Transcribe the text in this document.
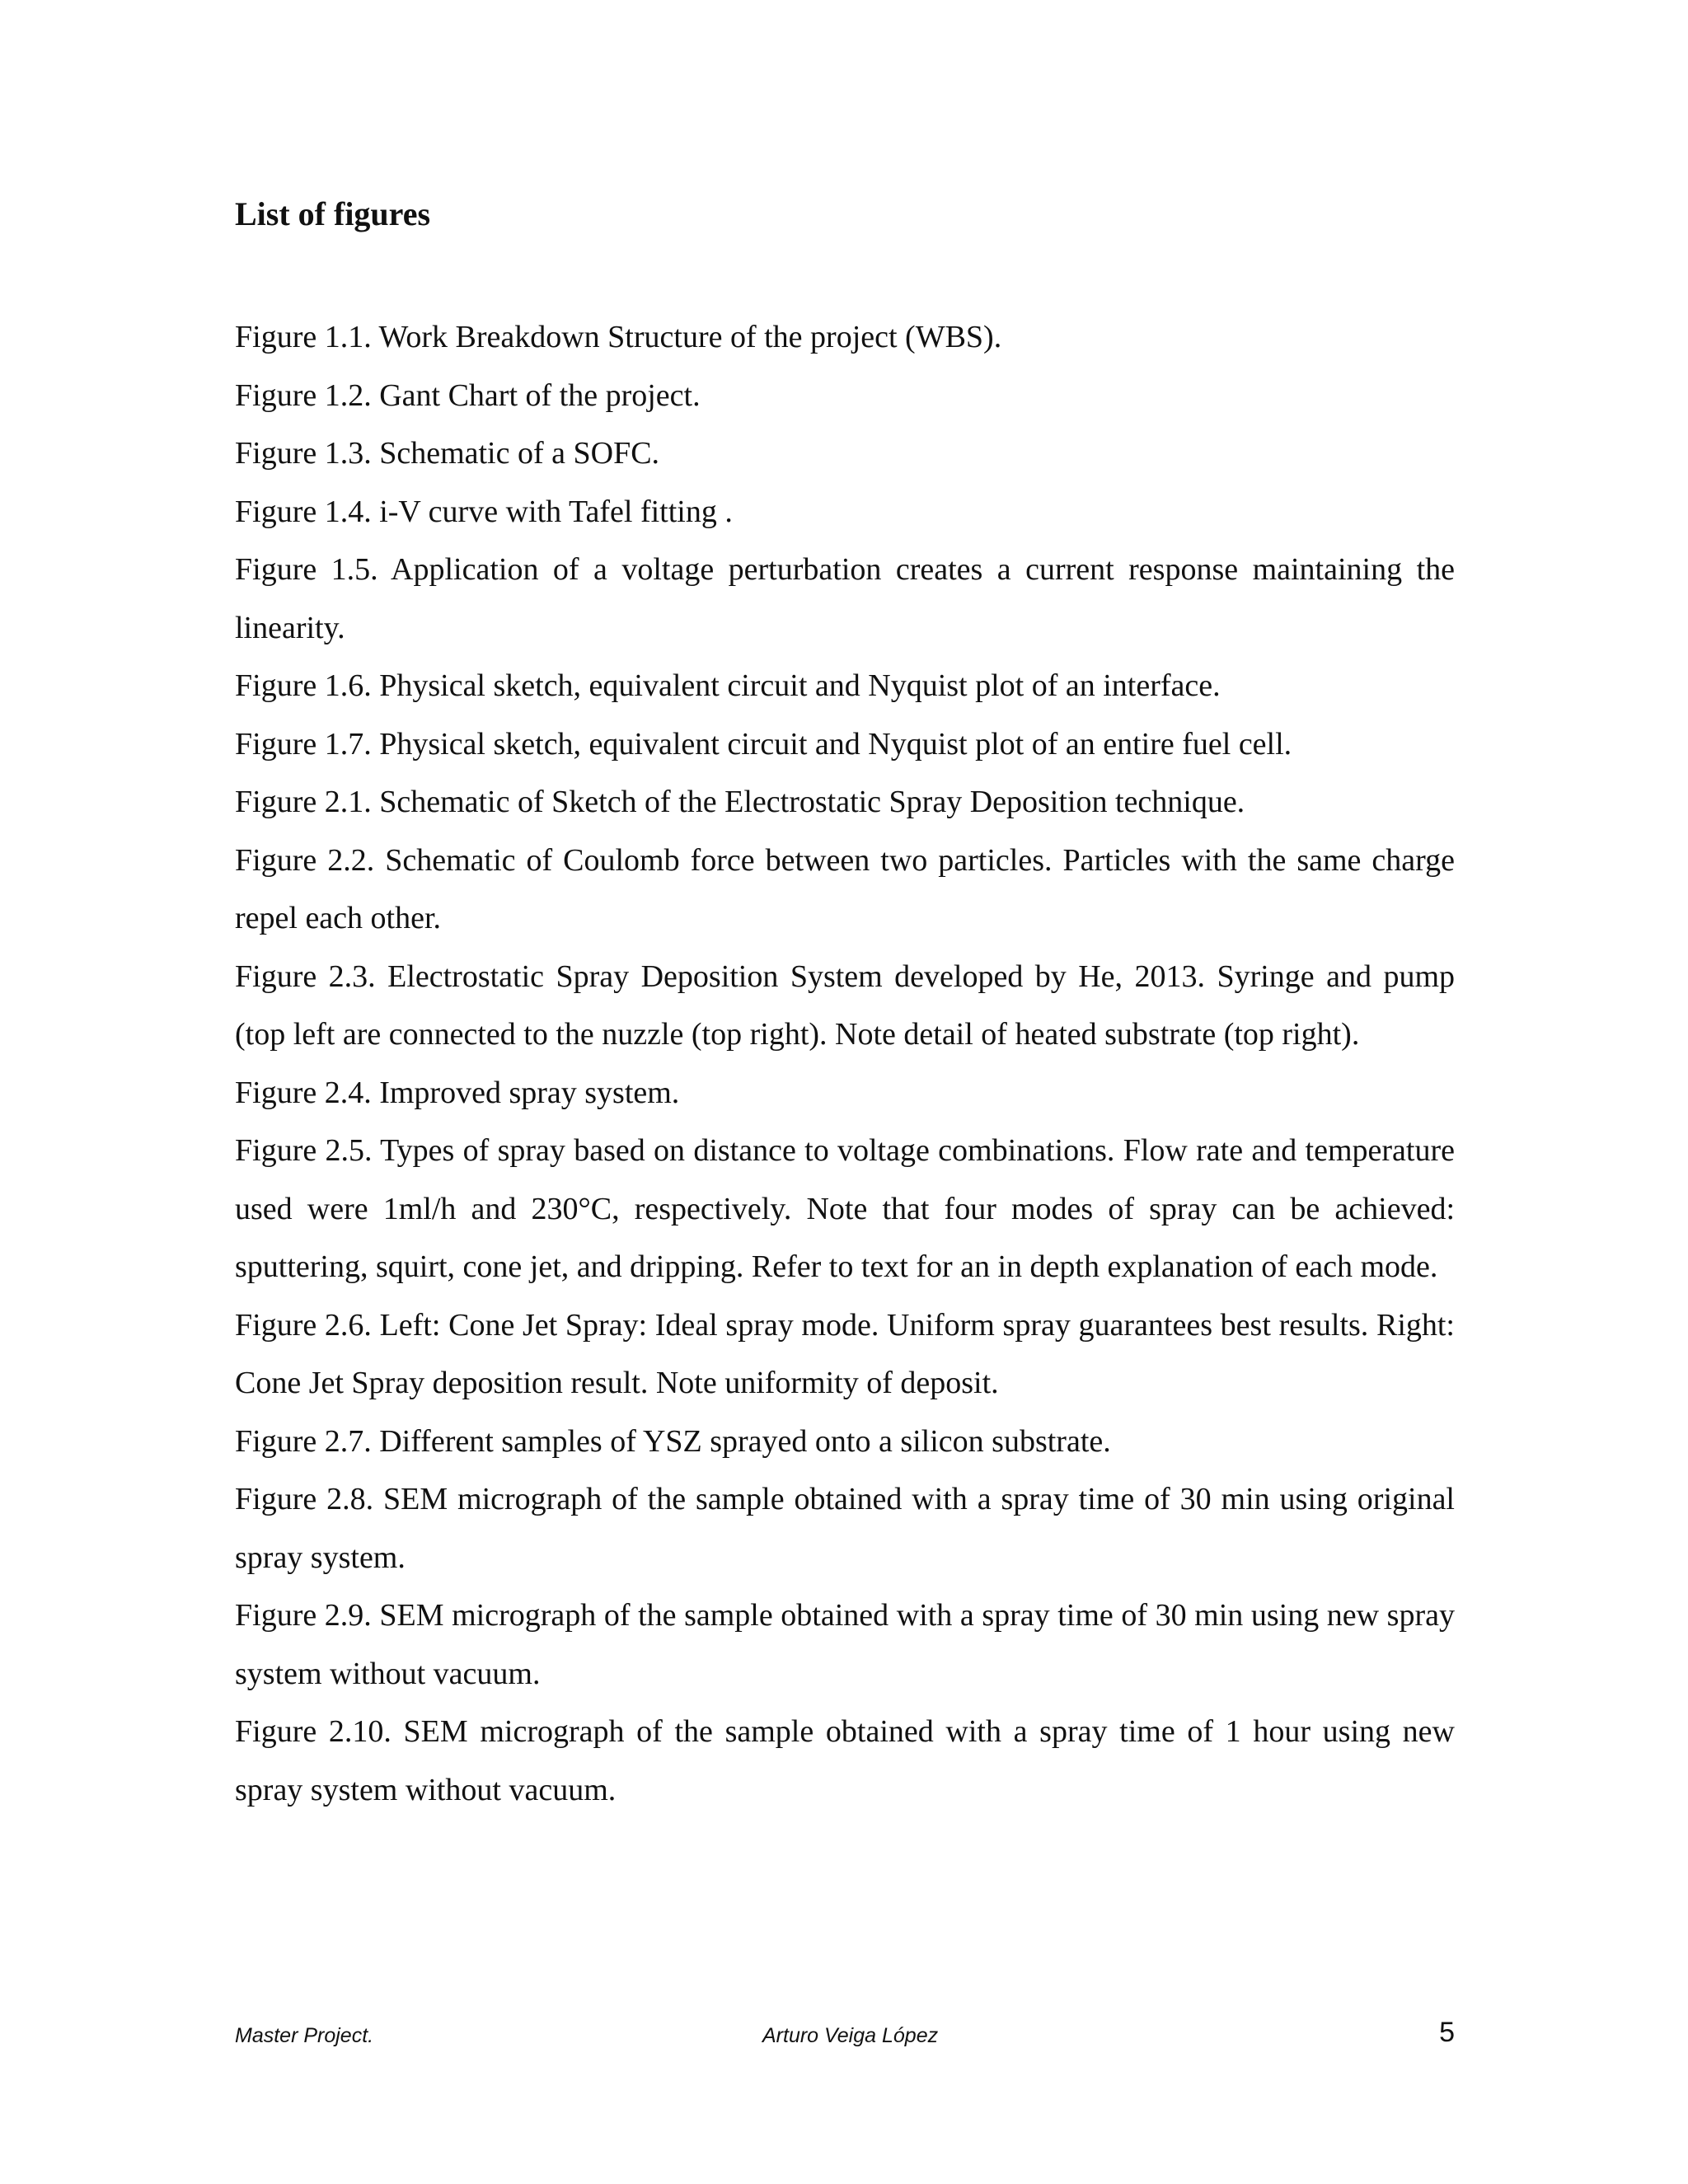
List of figures
Figure 1.1. Work Breakdown Structure of the project (WBS).
Figure 1.2. Gant Chart of the project.
Figure 1.3. Schematic of a SOFC.
Figure 1.4. i-V curve with Tafel fitting .
Figure 1.5. Application of a voltage perturbation creates a current response maintaining the linearity.
Figure 1.6. Physical sketch, equivalent circuit and Nyquist plot of an interface.
Figure 1.7. Physical sketch, equivalent circuit and Nyquist plot of an entire fuel cell.
Figure 2.1. Schematic of Sketch of the Electrostatic Spray Deposition technique.
Figure 2.2. Schematic of Coulomb force between two particles. Particles with the same charge repel each other.
Figure 2.3. Electrostatic Spray Deposition System developed by He, 2013. Syringe and pump (top left are connected to the nuzzle (top right). Note detail of heated substrate (top right).
Figure 2.4. Improved spray system.
Figure 2.5. Types of spray based on distance to voltage combinations. Flow rate and temperature used were 1ml/h and 230°C, respectively. Note that four modes of spray can be achieved: sputtering, squirt, cone jet, and dripping. Refer to text for an in depth explanation of each mode.
Figure 2.6. Left: Cone Jet Spray: Ideal spray mode. Uniform spray guarantees best results. Right: Cone Jet Spray deposition result. Note uniformity of deposit.
Figure 2.7. Different samples of YSZ sprayed onto a silicon substrate.
Figure 2.8. SEM micrograph of the sample obtained with a spray time of 30 min using original spray system.
Figure 2.9. SEM micrograph of the sample obtained with a spray time of 30 min using new spray system without vacuum.
Figure 2.10. SEM micrograph of the sample obtained with a spray time of 1 hour using new spray system without vacuum.
Master Project.	Arturo Veiga López	5
